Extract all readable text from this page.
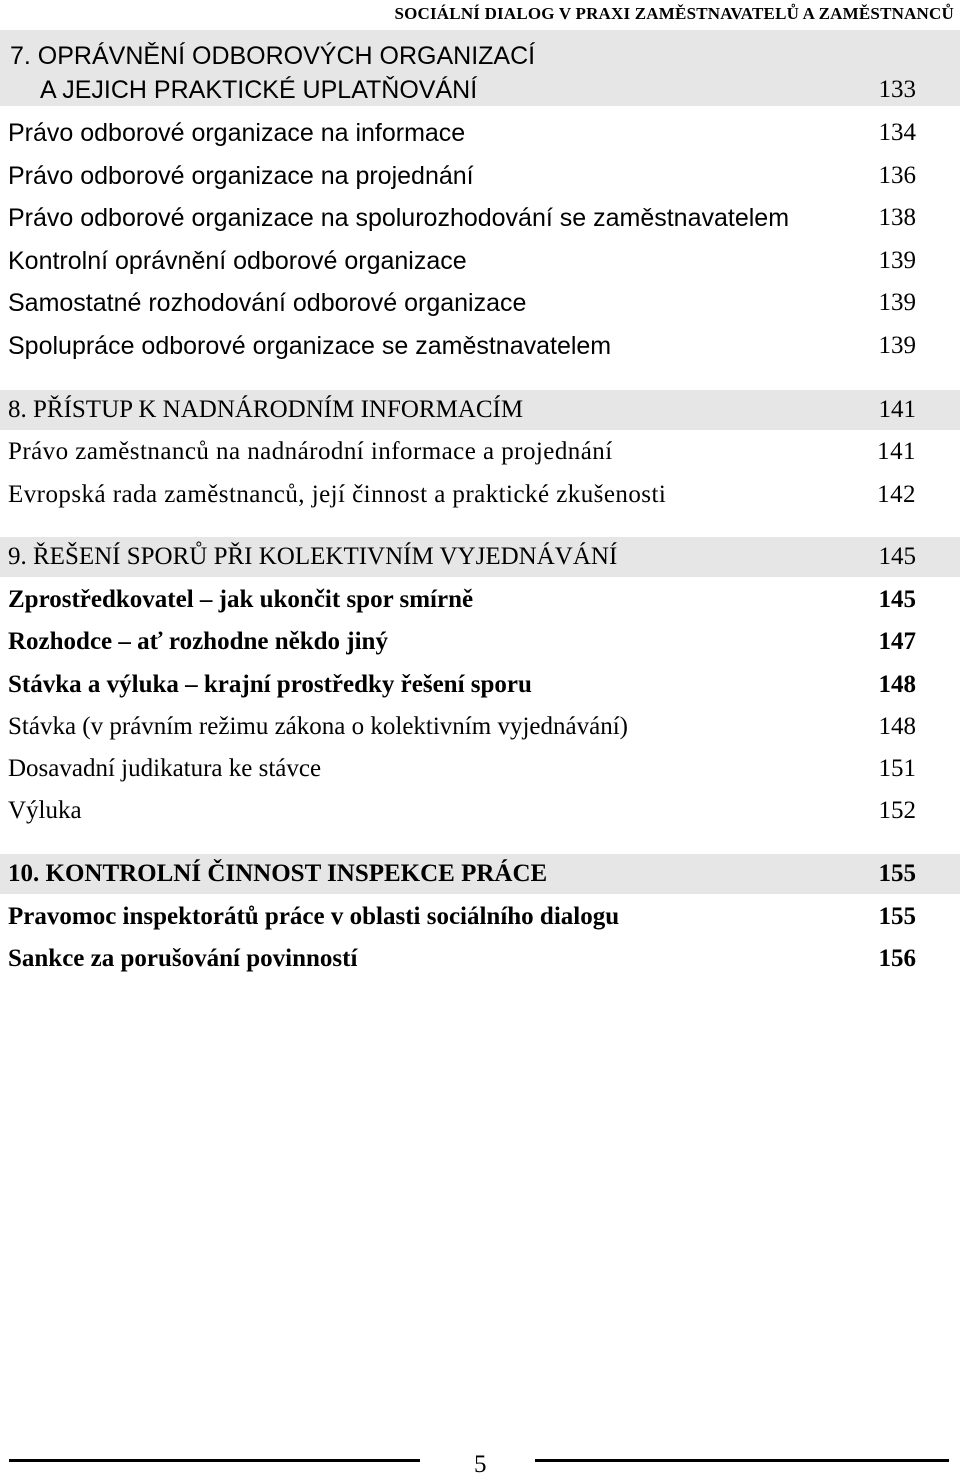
SOCIÁLNÍ DIALOG V PRAXI ZAMĚSTNAVATELŮ A ZAMĚSTNANCŮ
7. OPRÁVNĚNÍ ODBOROVÝCH ORGANIZACÍ
A JEJICH PRAKTICKÉ UPLATŇOVÁNÍ	133
Právo odborové organizace na informace	134
Právo odborové organizace na projednání	136
Právo odborové organizace na spolurozhodování se zaměstnavatelem	138
Kontrolní oprávnění odborové organizace	139
Samostatné rozhodování odborové organizace	139
Spolupráce odborové organizace se zaměstnavatelem	139
8. PŘÍSTUP K NADNÁRODNÍM INFORMACÍM	141
Právo zaměstnanců na nadnárodní informace a projednání	141
Evropská rada zaměstnanců, její činnost a praktické zkušenosti	142
9. ŘEŠENÍ SPORŮ PŘI KOLEKTIVNÍM VYJEDNÁVÁNÍ	145
Zprostředkovatel – jak ukončit spor smírně	145
Rozhodce – ať rozhodne někdo jiný	147
Stávka a výluka – krajní prostředky řešení sporu	148
Stávka (v právním režimu zákona o kolektivním vyjednávání)	148
Dosavadní judikatura ke stávce	151
Výluka	152
10. KONTROLNÍ ČINNOST INSPEKCE PRÁCE	155
Pravomoc inspektorátů práce v oblasti sociálního dialogu	155
Sankce za porušování povinností	156
5
